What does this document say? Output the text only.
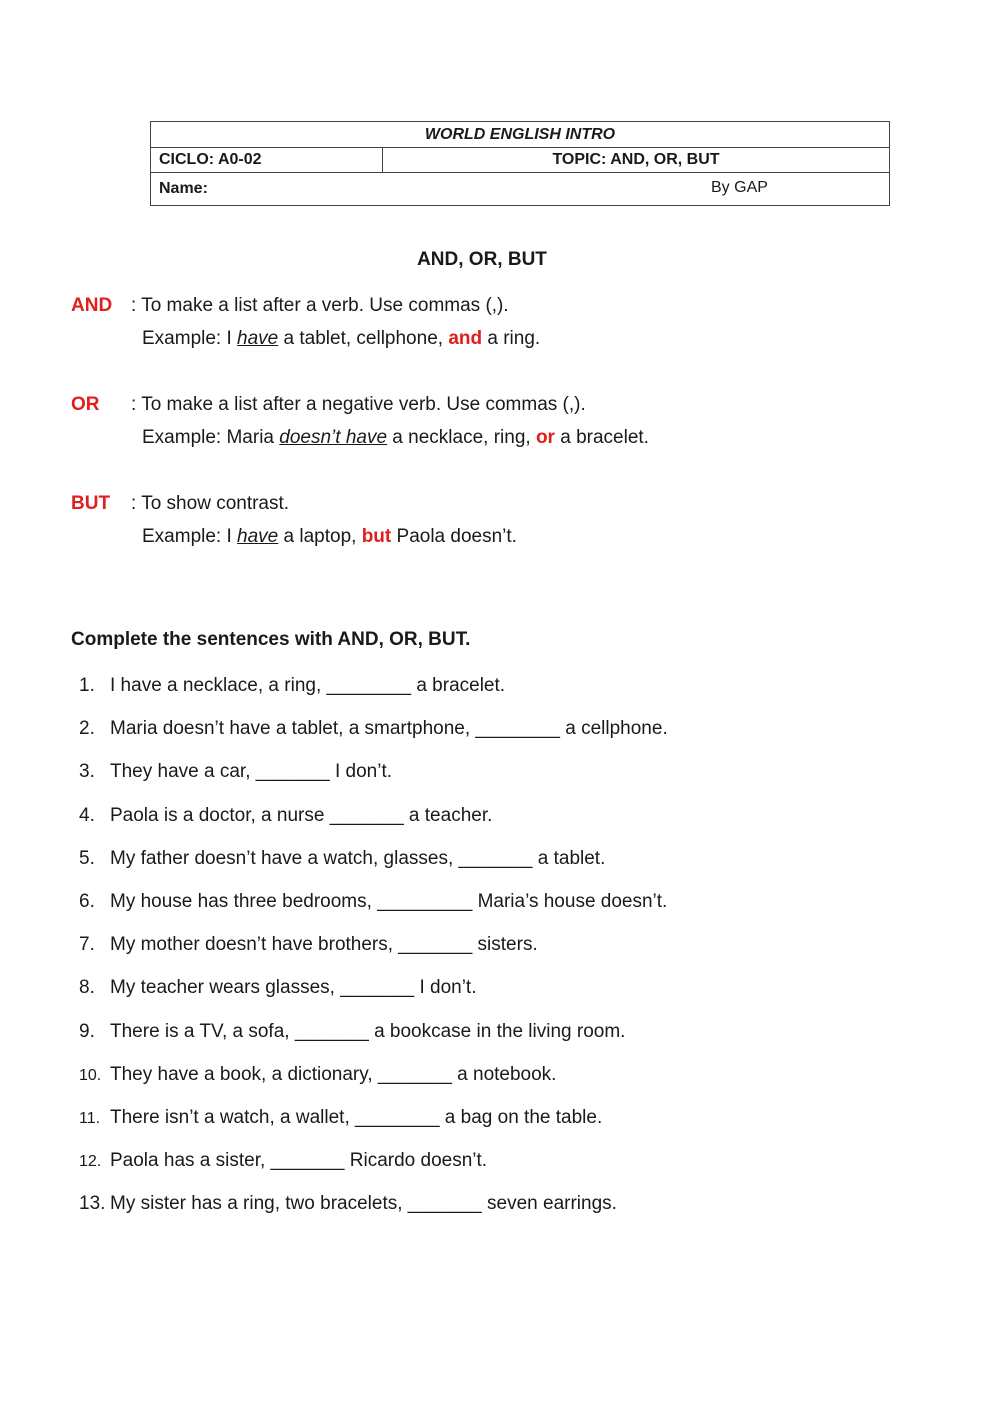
WORLD ENGLISH INTRO
CICLO: A0-02	TOPIC: AND, OR, BUT
Name:	By GAP
AND, OR, BUT
AND : To make a list after a verb. Use commas (,).
Example: I have a tablet, cellphone, and a ring.
OR : To make a list after a negative verb. Use commas (,).
Example: Maria doesn’t have a necklace, ring, or a bracelet.
BUT : To show contrast.
Example: I have a laptop, but Paola doesn’t.
Complete the sentences with AND, OR, BUT.
1. I have a necklace, a ring, ________ a bracelet.
2. Maria doesn’t have a tablet, a smartphone, ________ a cellphone.
3. They have a car, _______ I don’t.
4. Paola is a doctor, a nurse _______ a teacher.
5. My father doesn’t have a watch, glasses, _______ a tablet.
6. My house has three bedrooms, _________ Maria’s house doesn’t.
7. My mother doesn’t have brothers, _______ sisters.
8. My teacher wears glasses, _______ I don’t.
9. There is a TV, a sofa, _______ a bookcase in the living room.
10. They have a book, a dictionary, _______ a notebook.
11. There isn’t a watch, a wallet, ________ a bag on the table.
12. Paola has a sister, _______ Ricardo doesn’t.
13. My sister has a ring, two bracelets, _______ seven earrings.
